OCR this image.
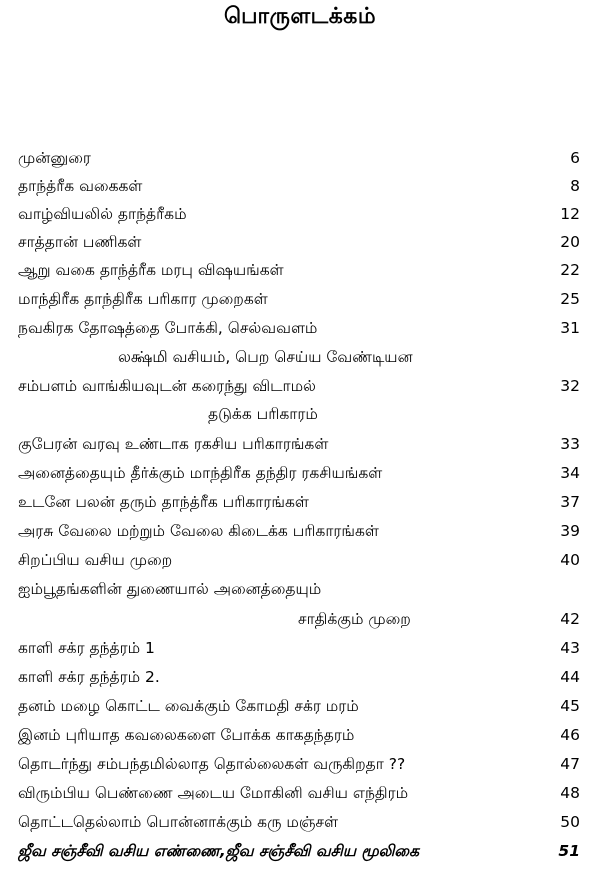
பொருளடக்கம்
முன்னுரை	6
தாந்த்ரீக வகைகள்	8
வாழ்வியலில் தாந்த்ரீகம்	12
சாத்தான் பணிகள்	20
ஆறு வகை தாந்த்ரீக மரபு விஷயங்கள்	22
மாந்திரீக தாந்திரீக பரிகார முறைகள்	25
நவகிரக தோஷத்தை போக்கி, செல்வவளம்	31
லக்ஷ்மி வசியம், பெற செய்ய வேண்டியன
சம்பளம் வாங்கியவுடன் கரைந்து விடாமல்	32
தடுக்க பரிகாரம்
குபேரன் வரவு உண்டாக ரகசிய பரிகாரங்கள்	33
அனைத்தையும் தீர்க்கும் மாந்திரீக தந்திர ரகசியங்கள்	34
உடனே பலன் தரும் தாந்த்ரீக பரிகாரங்கள்	37
அரசு வேலை மற்றும் வேலை கிடைக்க பரிகாரங்கள்	39
சிறப்பிய வசிய முறை	40
ஐம்பூதங்களின் துணையால் அனைத்தையும்
சாதிக்கும் முறை	42
காளி சக்ர தந்த்ரம் 1	43
காளி சக்ர தந்த்ரம் 2.	44
தனம் மழை கொட்ட வைக்கும் கோமதி சக்ர மரம்	45
இனம் புரியாத கவலைகளை போக்க காகதந்தரம்	46
தொடர்ந்து சம்பந்தமில்லாத தொல்லைகள் வருகிறதா ??	47
விரும்பிய பெண்ணை அடைய மோகினி வசிய எந்திரம்	48
தொட்டதெல்லாம் பொன்னாக்கும் கரு மஞ்சள்	50
ஜீவ சஞ்சீவி வசிய எண்ணை,ஜீவ சஞ்சீவி வசிய மூலிகை	51
